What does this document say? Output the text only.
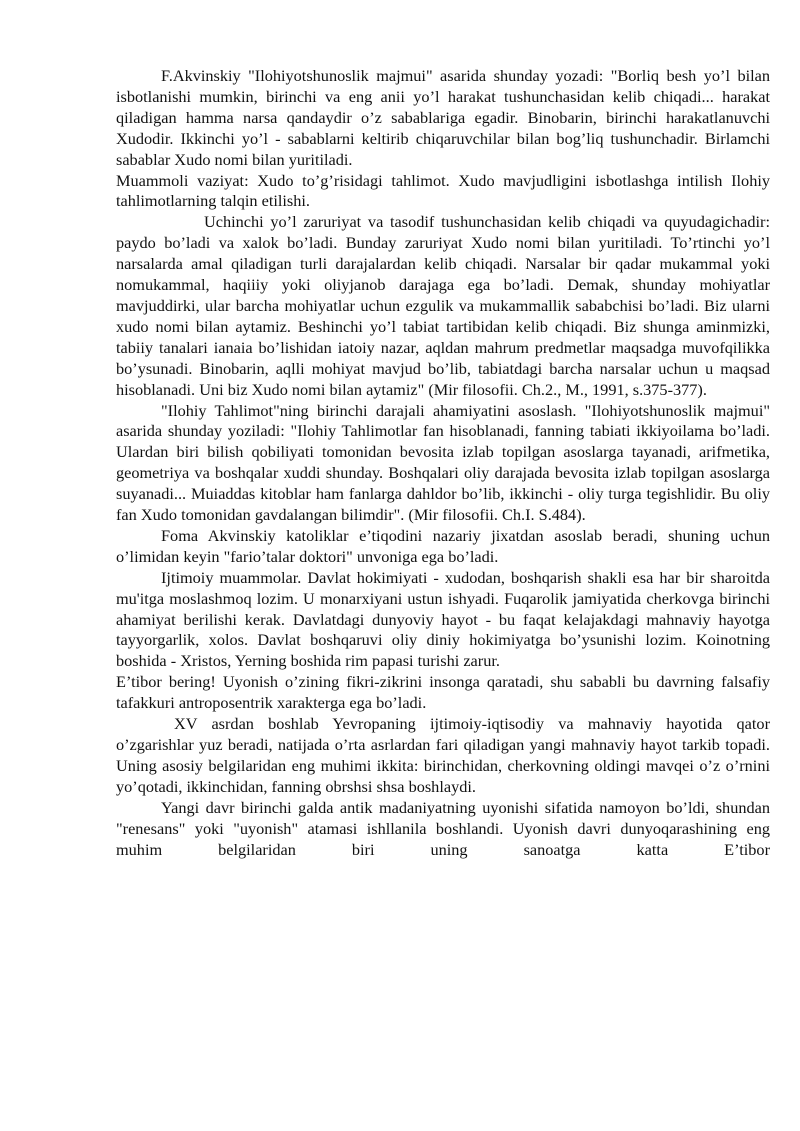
F.Akvinskiy "Ilohiyotshunoslik majmui" asarida shunday yozadi: "Borliq besh yo’l bilan isbotlanishi mumkin, birinchi va eng anii yo’l harakat tushunchasidan kelib chiqadi... harakat qiladigan hamma narsa qandaydir o’z sabablariga egadir. Binobarin, birinchi harakatlanuvchi Xudodir. Ikkinchi yo’l - sabablarni keltirib chiqaruvchilar bilan bog’liq tushunchadir. Birlamchi sabablar Xudo nomi bilan yuritiladi.

Muammoli vaziyat: Xudo to’g’risidagi tahlimot. Xudo mavjudligini isbotlashga intilish Ilohiy tahlimotlarning talqin etilishi.

Uchinchi yo’l zaruriyat va tasodif tushunchasidan kelib chiqadi va quyudagichadir: paydo bo’ladi va xalok bo’ladi. Bunday zaruriyat Xudo nomi bilan yuritiladi. To’rtinchi yo’l narsalarda amal qiladigan turli darajalardan kelib chiqadi. Narsalar bir qadar mukammal yoki nomukammal, haqiiiy yoki oliyjanob darajaga ega bo’ladi. Demak, shunday mohiyatlar mavjuddirki, ular barcha mohiyatlar uchun ezgulik va mukammallik sababchisi bo’ladi. Biz ularni xudo nomi bilan aytamiz. Beshinchi yo’l tabiat tartibidan kelib chiqadi. Biz shunga aminmizki, tabiiy tanalari ianaia bo’lishidan iatoiy nazar, aqldan mahrum predmetlar maqsadga muvofqilikka bo’ysunadi. Binobarin, aqlli mohiyat mavjud bo’lib, tabiatdagi barcha narsalar uchun u maqsad hisoblanadi. Uni biz Xudo nomi bilan aytamiz" (Mir filosofii. Ch.2., M., 1991, s.375-377).

"Ilohiy Tahlimot"ning birinchi darajali ahamiyatini asoslash. "Ilohiyotshunoslik majmui" asarida shunday yoziladi: "Ilohiy Tahlimotlar fan hisoblanadi, fanning tabiati ikkiyoilama bo’ladi. Ulardan biri bilish qobiliyati tomonidan bevosita izlab topilgan asoslarga tayanadi, arifmetika, geometriya va boshqalar xuddi shunday. Boshqalari oliy darajada bevosita izlab topilgan asoslarga suyanadi... Muiaddas kitoblar ham fanlarga dahldor bo’lib, ikkinchi - oliy turga tegishlidir. Bu oliy fan Xudo tomonidan gavdalangan bilimdir". (Mir filosofii. Ch.I. S.484).

Foma Akvinskiy katoliklar e’tiqodini nazariy jixatdan asoslab beradi, shuning uchun o’limidan keyin "fario’talar doktori" unvoniga ega bo’ladi.

Ijtimoiy muammolar. Davlat hokimiyati - xudodan, boshqarish shakli esa har bir sharoitda mu'itga moslashmoq lozim. U monarxiyani ustun ishyadi. Fuqarolik jamiyatida cherkovga birinchi ahamiyat berilishi kerak. Davlatdagi dunyoviy hayot - bu faqat kelajakdagi mahnaviy hayotga tayyorgarlik, xolos. Davlat boshqaruvi oliy diniy hokimiyatga bo’ysunishi lozim. Koinotning boshida - Xristos, Yerning boshida rim papasi turishi zarur.

E’tibor bering! Uyonish o’zining fikri-zikrini insonga qaratadi, shu sababli bu davrning falsafiy tafakkuri antroposentrik xarakterga ega bo’ladi.

XV asrdan boshlab Yevropaning ijtimoiy-iqtisodiy va mahnaviy hayotida qator o’zgarishlar yuz beradi, natijada o’rta asrlardan fari qiladigan yangi mahnaviy hayot tarkib topadi. Uning asosiy belgilaridan eng muhimi ikkita: birinchidan, cherkovning oldingi mavqei o’z o’rnini yo’qotadi, ikkinchidan, fanning obrshsi shsa boshlaydi.

Yangi davr birinchi galda antik madaniyatning uyonishi sifatida namoyon bo’ldi, shundan "renesans" yoki "uyonish" atamasi ishllanila boshlandi. Uyonish davri dunyoqarashining eng muhim belgilaridan biri uning sanoatga katta E’tibor
